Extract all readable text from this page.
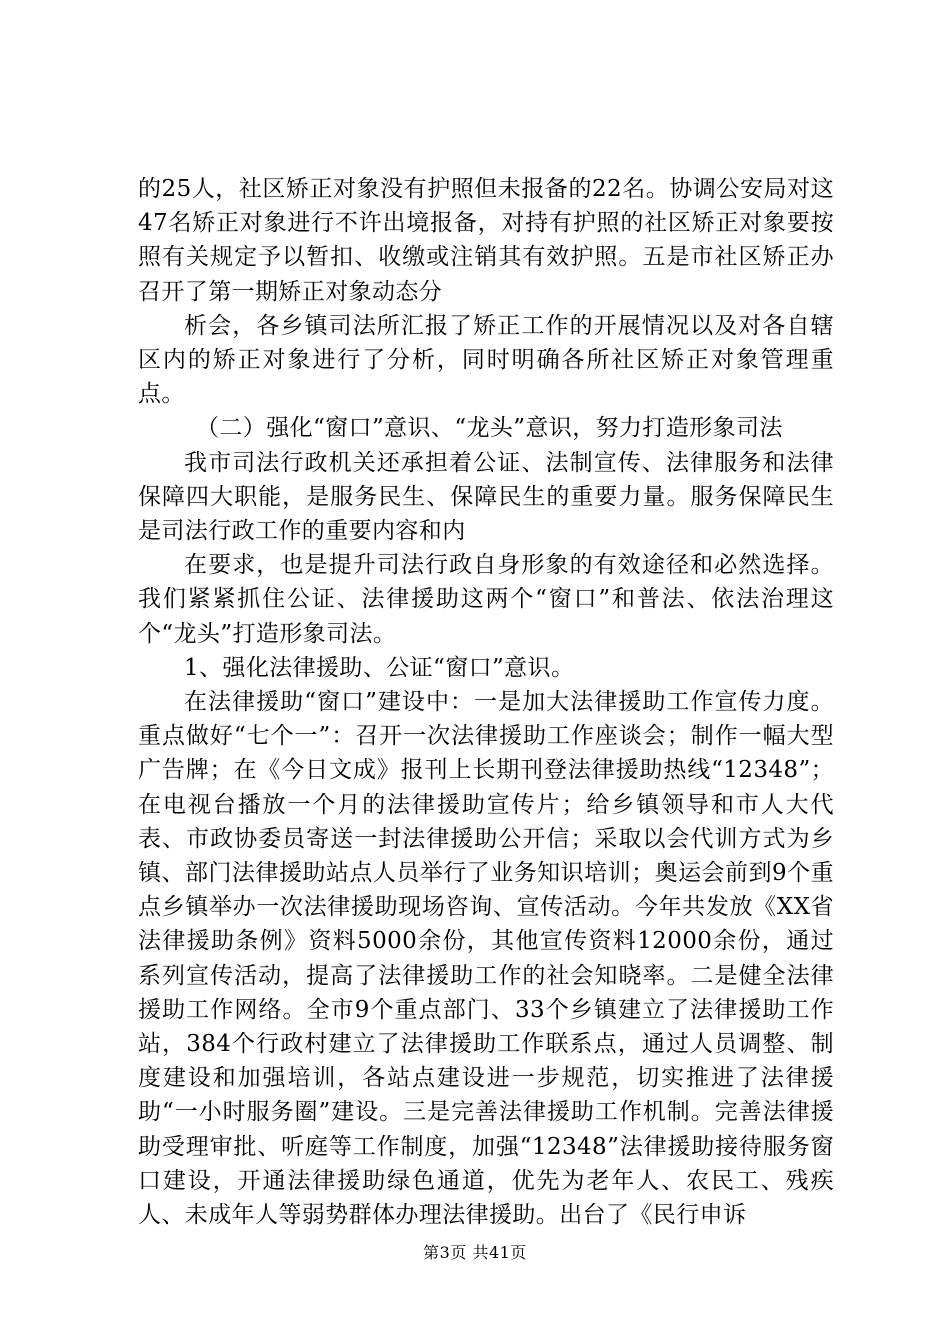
的25人，社区矫正对象没有护照但未报备的22名。协调公安局对这47名矫正对象进行不许出境报备，对持有护照的社区矫正对象要按照有关规定予以暂扣、收缴或注销其有效护照。五是市社区矫正办召开了第一期矫正对象动态分

析会，各乡镇司法所汇报了矫正工作的开展情况以及对各自辖区内的矫正对象进行了分析，同时明确各所社区矫正对象管理重点。

（二）强化“窗口”意识、“龙头”意识，努力打造形象司法

我市司法行政机关还承担着公证、法制宣传、法律服务和法律保障四大职能，是服务民生、保障民生的重要力量。服务保障民生是司法行政工作的重要内容和内

在要求，也是提升司法行政自身形象的有效途径和必然选择。我们紧紧抓住公证、法律援助这两个“窗口”和普法、依法治理这个“龙头”打造形象司法。

1、强化法律援助、公证“窗口”意识。

在法律援助“窗口”建设中：一是加大法律援助工作宣传力度。重点做好“七个一”：召开一次法律援助工作座谈会；制作一幅大型广告牌；在《今日文成》报刊上长期刊登法律援助热线“12348”；在电视台播放一个月的法律援助宣传片；给乡镇领导和市人大代表、市政协委员寄送一封法律援助公开信；采取以会代训方式为乡镇、部门法律援助站点人员举行了业务知识培训；奥运会前到9个重点乡镇举办一次法律援助现场咨询、宣传活动。今年共发放《XX省法律援助条例》资料5000余份，其他宣传资料12000余份，通过系列宣传活动，提高了法律援助工作的社会知晓率。二是健全法律援助工作网络。全市9个重点部门、33个乡镇建立了法律援助工作站，384个行政村建立了法律援助工作联系点，通过人员调整、制度建设和加强培训，各站点建设进一步规范，切实推进了法律援助“一小时服务圈”建设。三是完善法律援助工作机制。完善法律援助受理审批、听庭等工作制度，加强“12348”法律援助接待服务窗口建设，开通法律援助绿色通道，优先为老年人、农民工、残疾人、未成年人等弱势群体办理法律援助。出台了《民行申诉

第3页 共41页
